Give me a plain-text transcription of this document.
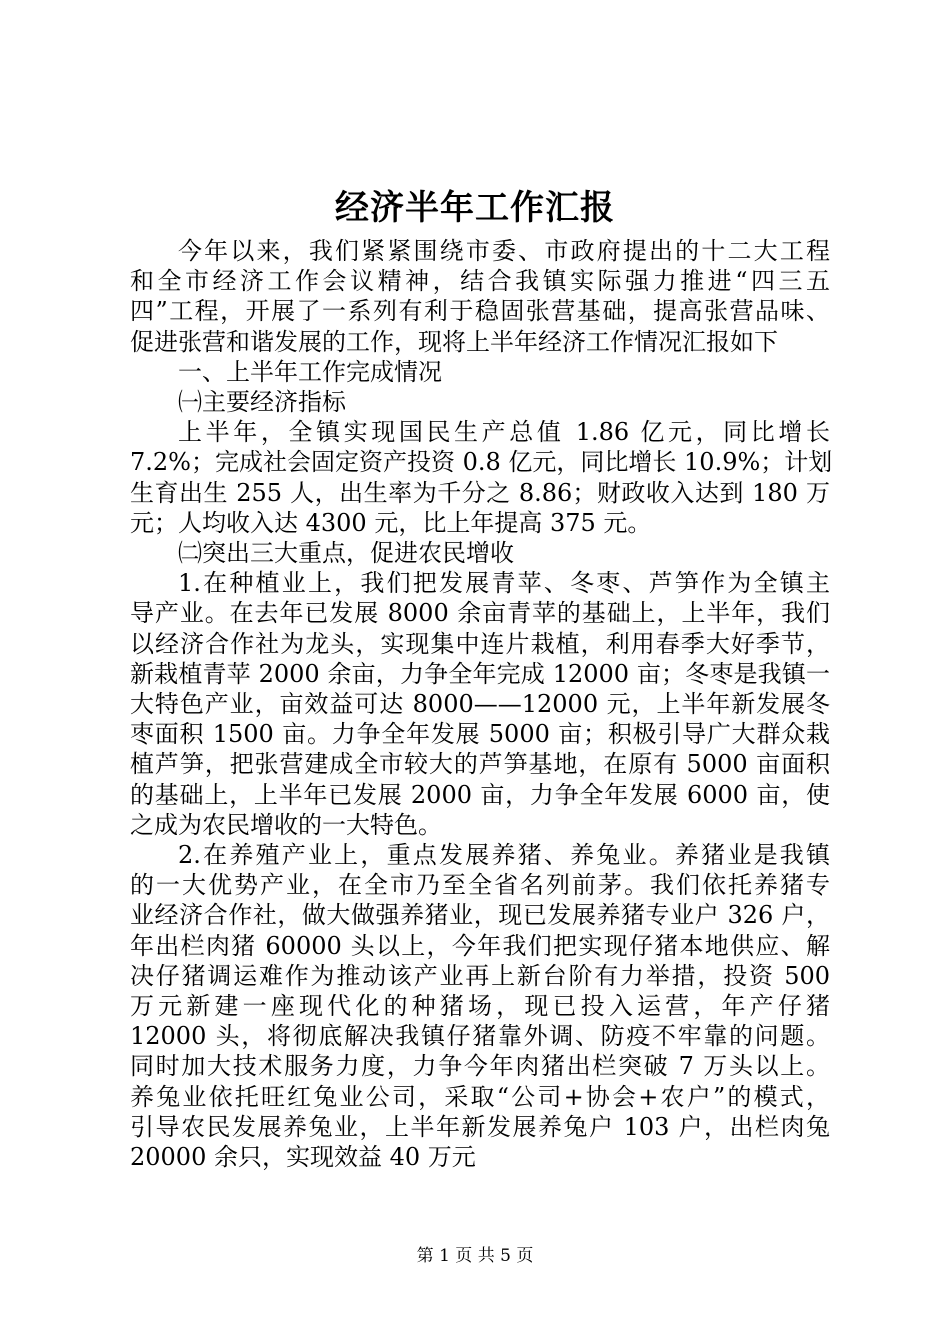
经济半年工作汇报
今年以来，我们紧紧围绕市委、市政府提出的十二大工程
和全市经济工作会议精神，结合我镇实际强力推进“四三五
四”工程，开展了一系列有利于稳固张营基础，提高张营品味、
促进张营和谐发展的工作，现将上半年经济工作情况汇报如下
一、上半年工作完成情况
㈠主要经济指标
上半年，全镇实现国民生产总值 1.86 亿元，同比增长
7.2%；完成社会固定资产投资 0.8 亿元，同比增长 10.9%；计划
生育出生 255 人，出生率为千分之 8.86；财政收入达到 180 万
元；人均收入达 4300 元，比上年提高 375 元。
㈡突出三大重点，促进农民增收
1.在种植业上，我们把发展青苹、冬枣、芦笋作为全镇主
导产业。在去年已发展 8000 余亩青苹的基础上，上半年，我们
以经济合作社为龙头，实现集中连片栽植，利用春季大好季节，
新栽植青苹 2000 余亩，力争全年完成 12000 亩；冬枣是我镇一
大特色产业，亩效益可达 8000——12000 元，上半年新发展冬
枣面积 1500 亩。力争全年发展 5000 亩；积极引导广大群众栽
植芦笋，把张营建成全市较大的芦笋基地，在原有 5000 亩面积
的基础上，上半年已发展 2000 亩，力争全年发展 6000 亩，使
之成为农民增收的一大特色。
2.在养殖产业上，重点发展养猪、养兔业。养猪业是我镇
的一大优势产业，在全市乃至全省名列前茅。我们依托养猪专
业经济合作社，做大做强养猪业，现已发展养猪专业户 326 户，
年出栏肉猪 60000 头以上，今年我们把实现仔猪本地供应、解
决仔猪调运难作为推动该产业再上新台阶有力举措，投资 500
万元新建一座现代化的种猪场，现已投入运营，年产仔猪
12000 头，将彻底解决我镇仔猪靠外调、防疫不牢靠的问题。
同时加大技术服务力度，力争今年肉猪出栏突破 7 万头以上。
养兔业依托旺红兔业公司，采取“公司+协会+农户”的模式，
引导农民发展养兔业，上半年新发展养兔户 103 户，出栏肉兔
20000 余只，实现效益 40 万元
第 1 页 共 5 页
